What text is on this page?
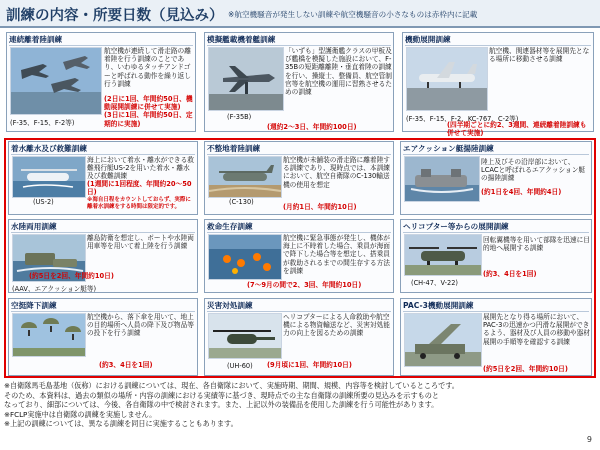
訓練の内容・所要日数（見込み） ※航空機騒音が発生しない訓練や航空機騒音の小さなものは赤枠内に記載
連続離着陸訓練
(F-35、F-15、F-2等)
航空機が連続して滑走路の離着陸を行う訓練のことであり、いわゆるタッチアンドゴーと呼ばれる動作を繰り返し行う訓練
(2日に1回、年間約50日、機動展開訓練に併せて実施)
(3日に1回、年間約50日、定期的に実施)
模擬艦載機着艦訓練
(F-35B)
「いずも」型護衛艦クラスの甲板及び艦橋を模擬した施設において、F-35Bの短距離離陸・垂直着陸の訓練を行い、操縦士、整備員、航空管制官等を航空機の運用に習熟させるための訓練
(週約2〜3日、年間約100日)
機動展開訓練
(F-35、F-15、F-2、KC-767、C-2等)
航空機、関連器材等を展開先となる場所に移動させる訓練
(四半期ごとに約2、3週間、連続離着陸訓練も併せて実施)
着水離水及び救難訓練
(US-2)
海上において着水・離水ができる救難飛行艇US-2を用いた着水・離水及び救難訓練
(1週間に1回程度、年間約20〜50日)
※海自日程をカウントしておらず、実際に離着水訓練をする時間は限定的です。
不整地着陸訓練
(C-130)
航空機が未舗装の滑走路に離着陸する訓練であり、現時点では、本訓練において、航空自衛隊のC-130輸送機の使用を想定
(月約1日、年間約10日)
エアクッション艇揚陸訓練
陸上及びその沿岸部において、LCACと呼ばれるエアクッション艇の揚陸訓練
(約1日を4回、年間約4日)
水陸両用訓練
(AAV、エアクッション艇等)
離島防衛を想定し、ボートや水陸両用車等を用いて着上陸を行う訓練
(約5日を2回、年間約10日)
救命生存訓練
航空機に緊急事態が発生し、機体が海上に不時着した場合、乗員が海面で降下した場合等を想定し、搭乗員が救助されるまでの間生存する方法を訓練
(7〜9月の間で2、3回、年間約10日)
ヘリコプター等からの展開訓練
(CH-47、V-22)
回転翼機等を用いて部隊を迅速に目的地へ展開する訓練
(約3、4日を1回)
空挺降下訓練
航空機から、落下傘を用いて、地上の目的場所へ人員の降下及び物品等の投下を行う訓練
(約3、4日を1回)
災害対処訓練
(UH-60)
ヘリコプターによる人命救助や航空機による物資輸送など、災害対処能力の向上を図るための訓練
(9月頃に1回、年間約10日)
PAC-3機動展開訓練
展開先となり得る場所において、PAC-3の迅速かつ円滑な展開ができるよう、器材及び人員の移動や器材展開の手順等を確認する訓練
(約5日を2回、年間約10日)
※自衛隊馬毛島基地（仮称）における訓練については、現在、各自衛隊において、実施時期、期間、規模、内容等を検討しているところです。
そのため、本資料は、過去の類似の場所・内容の訓練における実績等に基づき、現時点での主な自衛隊の訓練所要の見込みを示すものと
なっており、細部については、今後、各自衛隊の中で検討されます。また、上記以外の装備品を使用した訓練を行う可能性があります。
※FCLP実施中は自衛隊の訓練を実施しません。
※上記の訓練については、異なる訓練を同日に実施することもあります。
9
